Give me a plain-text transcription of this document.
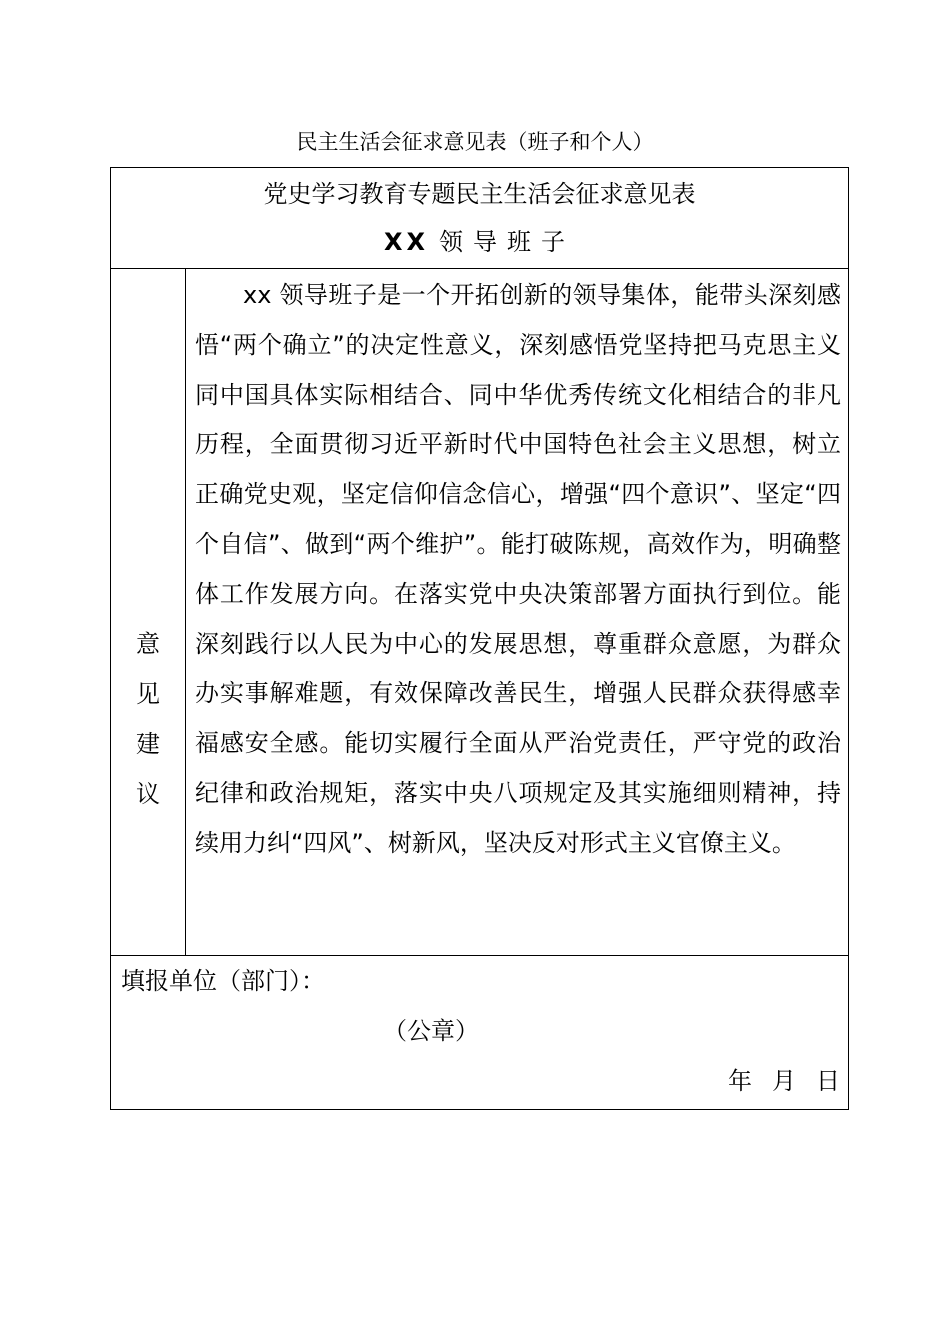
民主生活会征求意见表（班子和个人）
党史学习教育专题民主生活会征求意见表
XX 领导班子
意
见
建
议

xx 领导班子是一个开拓创新的领导集体，能带头深刻感悟“两个确立”的决定性意义，深刻感悟党坚持把马克思主义同中国具体实际相结合、同中华优秀传统文化相结合的非凡历程，全面贯彻习近平新时代中国特色社会主义思想，树立正确党史观，坚定信仰信念信心，增强“四个意识”、坚定“四个自信”、做到“两个维护”。能打破陈规，高效作为，明确整体工作发展方向。在落实党中央决策部署方面执行到位。能深刻践行以人民为中心的发展思想，尊重群众意愿，为群众办实事解难题，有效保障改善民生，增强人民群众获得感幸福感安全感。能切实履行全面从严治党责任，严守党的政治纪律和政治规矩，落实中央八项规定及其实施细则精神，持续用力纠“四风”、树新风，坚决反对形式主义官僚主义。

填报单位（部门）：
（公章）
年 月 日
